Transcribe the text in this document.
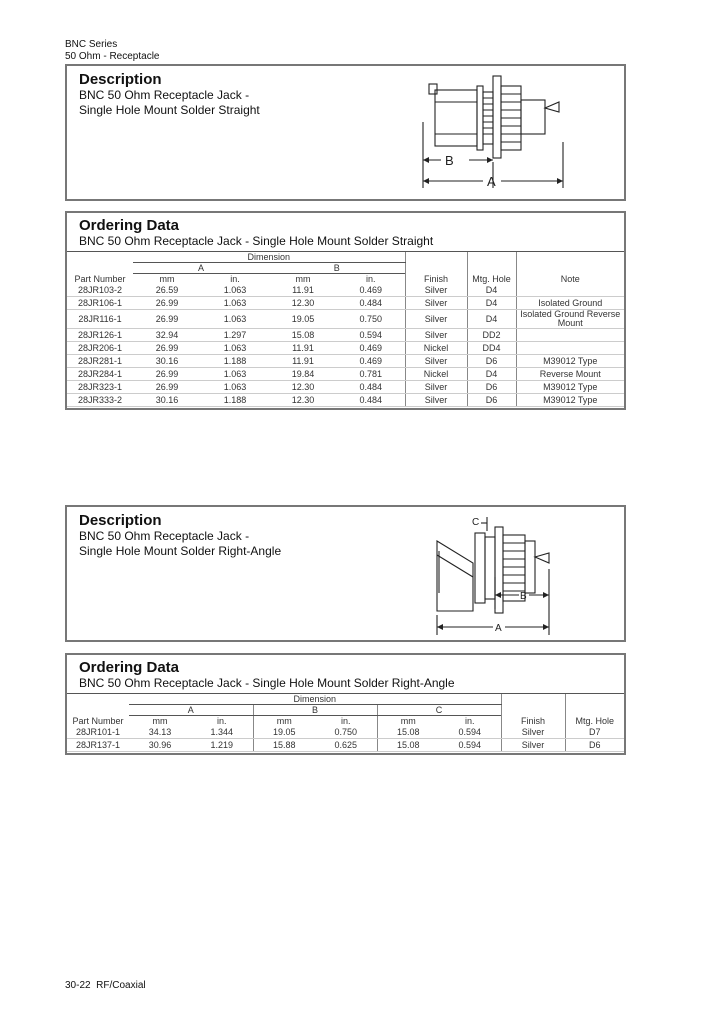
BNC Series
50 Ohm - Receptacle
Description
BNC 50 Ohm Receptacle Jack -
Single Hole Mount Solder Straight
B
A
Ordering Data
BNC 50 Ohm Receptacle Jack - Single Hole Mount Solder Straight
Part Number	Dimension				Finish	Mtg. Hole	Note
	A		B				
	mm	in.	mm	in.			
28JR103-2	26.59	1.063	11.91	0.469	Silver	D4	
28JR106-1	26.99	1.063	12.30	0.484	Silver	D4	Isolated Ground
28JR116-1	26.99	1.063	19.05	0.750	Silver	D4	Isolated Ground Reverse Mount
28JR126-1	32.94	1.297	15.08	0.594	Silver	DD2	
28JR206-1	26.99	1.063	11.91	0.469	Nickel	DD4	
28JR281-1	30.16	1.188	11.91	0.469	Silver	D6	M39012 Type
28JR284-1	26.99	1.063	19.84	0.781	Nickel	D4	Reverse Mount
28JR323-1	26.99	1.063	12.30	0.484	Silver	D6	M39012 Type
28JR333-2	30.16	1.188	12.30	0.484	Silver	D6	M39012 Type
Description
BNC 50 Ohm Receptacle Jack -
Single Hole Mount Solder Right-Angle
C
B
A
Ordering Data
BNC 50 Ohm Receptacle Jack - Single Hole Mount Solder Right-Angle
Part Number	Dimension						Finish	Mtg. Hole
	A		B		C			
	mm	in.	mm	in.	mm	in.		
28JR101-1	34.13	1.344	19.05	0.750	15.08	0.594	Silver	D7
28JR137-1	30.96	1.219	15.88	0.625	15.08	0.594	Silver	D6
30-22 RF/Coaxial
